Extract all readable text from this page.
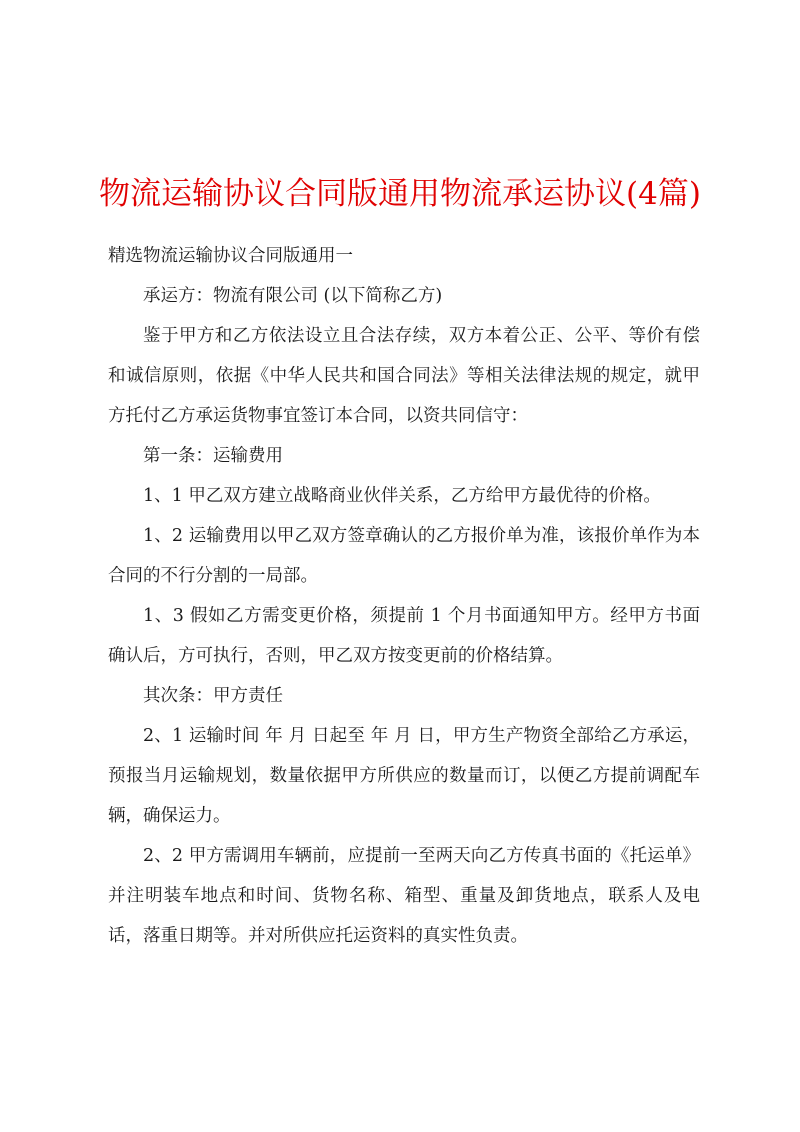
物流运输协议合同版通用物流承运协议(4篇)

精选物流运输协议合同版通用一

承运方：物流有限公司 (以下简称乙方)

鉴于甲方和乙方依法设立且合法存续，双方本着公正、公平、等价有偿和诚信原则，依据《中华人民共和国合同法》等相关法律法规的规定，就甲方托付乙方承运货物事宜签订本合同，以资共同信守：

第一条：运输费用

1、1 甲乙双方建立战略商业伙伴关系，乙方给甲方最优待的价格。

1、2 运输费用以甲乙双方签章确认的乙方报价单为准，该报价单作为本合同的不行分割的一局部。

1、3 假如乙方需变更价格，须提前 1 个月书面通知甲方。经甲方书面确认后，方可执行，否则，甲乙双方按变更前的价格结算。

其次条：甲方责任

2、1 运输时间 年 月 日起至 年 月 日，甲方生产物资全部给乙方承运，预报当月运输规划，数量依据甲方所供应的数量而订，以便乙方提前调配车辆，确保运力。

2、2 甲方需调用车辆前，应提前一至两天向乙方传真书面的《托运单》并注明装车地点和时间、货物名称、箱型、重量及卸货地点，联系人及电话，落重日期等。并对所供应托运资料的真实性负责。
